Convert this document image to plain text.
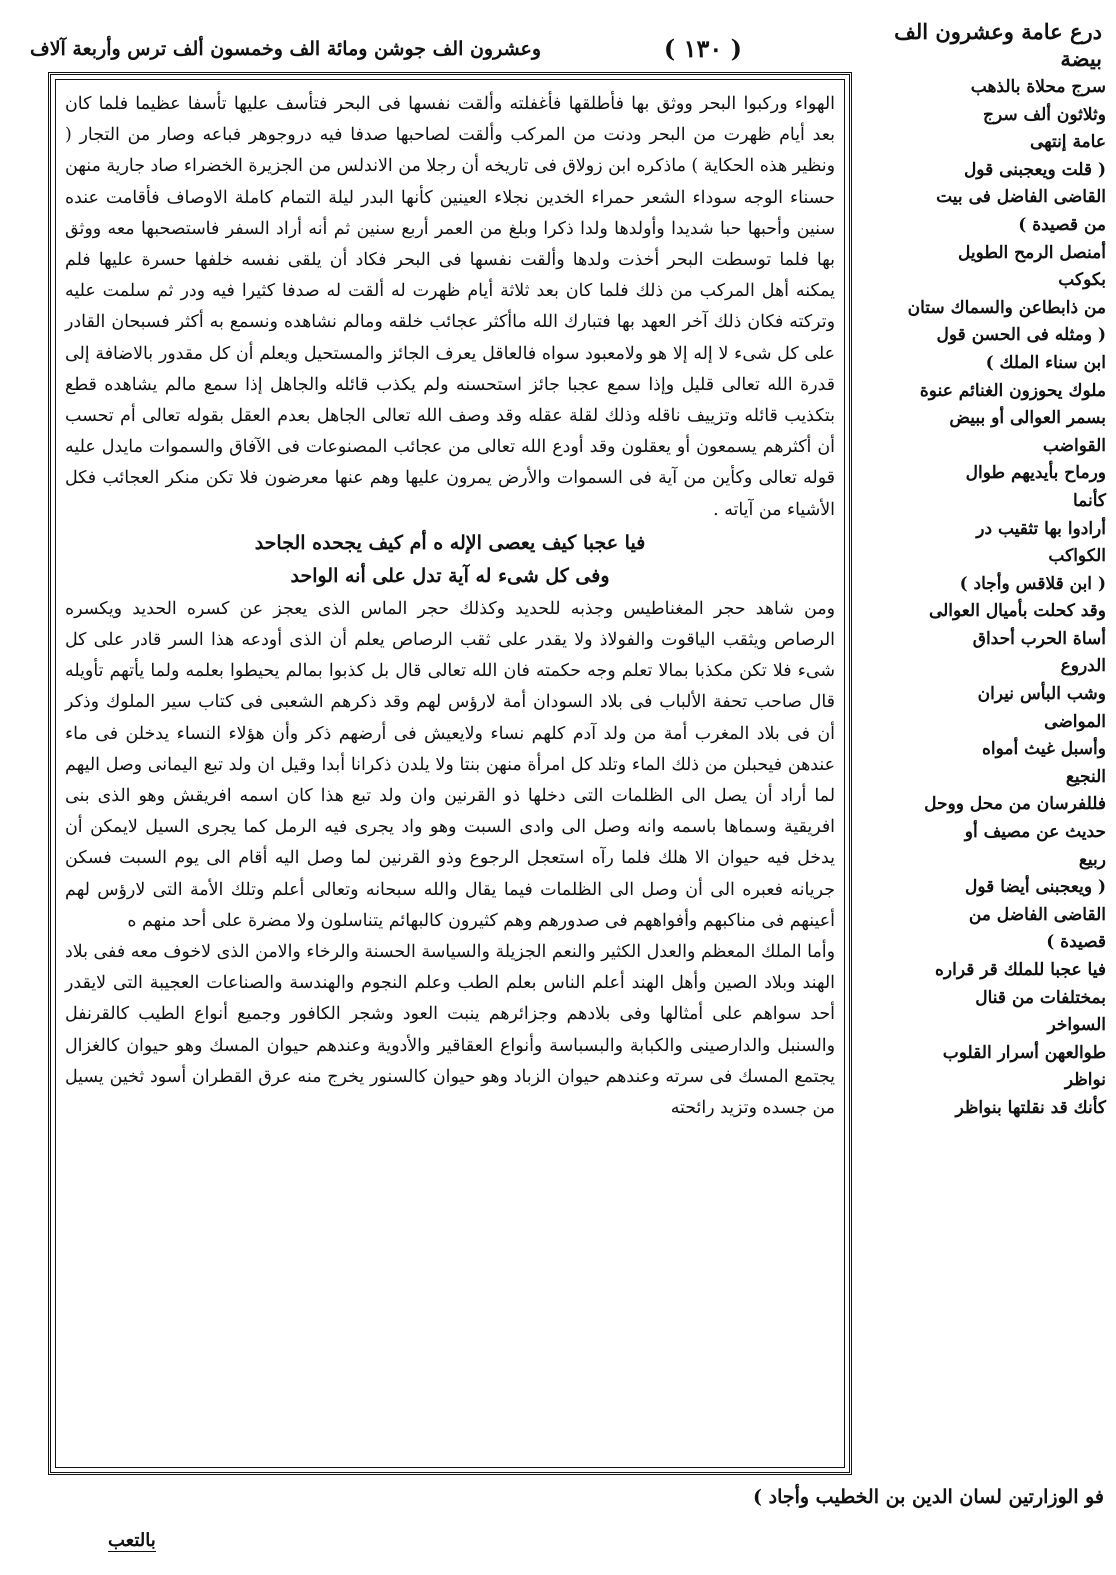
درع عامة وعشرون الف بيضة
( ١٣٠ )
وعشرون الف جوشن ومائة الف وخمسون ألف ترس وأربعة آلاف

الهواء وركبوا البحر ووثق بها فأطلقها فأغفلته وألقت نفسها فى البحر فتأسف عليها تأسفا عظيما فلما كان بعد أيام ظهرت من البحر ودنت من المركب وألقت لصاحبها صدفا فيه دروجوهر فباعه وصار من التجار ( ونظير هذه الحكاية ) ماذكره ابن زولاق فى تاريخه أن رجلا من الاندلس من الجزيرة الخضراء صاد جارية منهن حسناء الوجه سوداء الشعر حمراء الخدين نجلاء العينين كأنها البدر ليلة التمام كاملة الاوصاف فأقامت عنده سنين وأحبها حبا شديدا وأولدها ولدا ذكرا وبلغ من العمر أربع سنين ثم أنه أراد السفر فاستصحبها معه ووثق بها فلما توسطت البحر أخذت ولدها وألقت نفسها فى البحر فكاد أن يلقى نفسه خلفها حسرة عليها فلم يمكنه أهل المركب من ذلك فلما كان بعد ثلاثة أيام ظهرت له ألقت له صدفا كثيرا فيه ودر ثم سلمت عليه وتركته فكان ذلك آخر العهد بها فتبارك الله ماأكثر عجائب خلقه ومالم نشاهده ونسمع به أكثر فسبحان القادر على كل شىء لا إله إلا هو ولامعبود سواه فالعاقل يعرف الجائز والمستحيل ويعلم أن كل مقدور بالاضافة إلى قدرة الله تعالى قليل وإذا سمع عجبا جائز استحسنه ولم يكذب قائله والجاهل إذا سمع مالم يشاهده قطع بتكذيب قائله وتزييف ناقله وذلك لقلة عقله وقد وصف الله تعالى الجاهل بعدم العقل بقوله تعالى أم تحسب أن أكثرهم يسمعون أو يعقلون وقد أودع الله تعالى من عجائب المصنوعات فى الآفاق والسموات مايدل عليه قوله تعالى وكأين من آية فى السموات والأرض يمرون عليها وهم عنها معرضون فلا تكن منكر العجائب فكل الأشياء من آياته .

فيا عجبا كيف يعصى الإله ه أم كيف يجحده الجاحد
وفى كل شىء له آية تدل على أنه الواحد

ومن شاهد حجر المغناطيس وجذبه للحديد وكذلك حجر الماس الذى يعجز عن كسره الحديد ويكسره الرصاص ويثقب الياقوت والفولاذ ولا يقدر على ثقب الرصاص يعلم أن الذى أودعه هذا السر قادر على كل شىء فلا تكن مكذبا بمالا تعلم وجه حكمته فان الله تعالى قال بل كذبوا بمالم يحيطوا بعلمه ولما يأتهم تأويله قال صاحب تحفة الألباب فى بلاد السودان أمة لارؤس لهم وقد ذكرهم الشعبى فى كتاب سير الملوك وذكر أن فى بلاد المغرب أمة من ولد آدم كلهم نساء ولايعيش فى أرضهم ذكر وأن هؤلاء النساء يدخلن فى ماء عندهن فيحبلن من ذلك الماء وتلد كل امرأة منهن بنتا ولا يلدن ذكرانا أبدا وقيل ان ولد تبع اليمانى وصل اليهم لما أراد أن يصل الى الظلمات التى دخلها ذو القرنين وان ولد تبع هذا كان اسمه افريقش وهو الذى بنى افريقية وسماها باسمه وانه وصل الى وادى السبت وهو واد يجرى فيه الرمل كما يجرى السيل لايمكن أن يدخل فيه حيوان الا هلك فلما رآه استعجل الرجوع وذو القرنين لما وصل اليه أقام الى يوم السبت فسكن جريانه فعبره الى أن وصل الى الظلمات فيما يقال والله سبحانه وتعالى أعلم وتلك الأمة التى لارؤس لهم أعينهم فى مناكبهم وأفواههم فى صدورهم وهم كثيرون كالبهائم يتناسلون ولا مضرة على أحد منهم ه

وأما الملك المعظم والعدل الكثير والنعم الجزيلة والسياسة الحسنة والرخاء والامن الذى لاخوف معه ففى بلاد الهند وبلاد الصين وأهل الهند أعلم الناس بعلم الطب وعلم النجوم والهندسة والصناعات العجيبة التى لايقدر أحد سواهم على أمثالها وفى بلادهم وجزائرهم ينبت العود وشجر الكافور وجميع أنواع الطيب كالقرنفل والسنبل والدارصينى والكبابة والبسباسة وأنواع العقاقير والأدوية وعندهم حيوان المسك وهو حيوان كالغزال يجتمع المسك فى سرته وعندهم حيوان الزباد وهو حيوان كالسنور يخرج منه عرق القطران أسود ثخين يسيل من جسده وتزيد رائحته

سرج محلاة بالذهب

وثلاثون ألف سرج

عامة إنتهى

( قلت ويعجبنى قول

القاضى الفاضل فى بيت

من قصيدة )

أمنصل الرمح الطويل

بكوكب

من ذابطاعن والسماك ستان

( ومثله فى الحسن قول

ابن سناء الملك )

ملوك يحوزون الغنائم عنوة

بسمر العوالى أو ببيض

القواضب

ورماح بأيديهم طوال

كأنما

أرادوا بها تثقيب در

الكواكب

( ابن قلاقس وأجاد )

وقد كحلت بأميال العوالى

أساة الحرب أحداق

الدروع

وشب البأس نيران

المواضى

وأسبل غيث أمواه

النجيع

فللفرسان من محل ووحل

حديث عن مصيف أو

ربيع

( ويعجبنى أيضا قول

القاضى الفاضل من

قصيدة )

فيا عجبا للملك قر قراره

بمختلفات من قنال

السواخر

طوالعهن أسرار القلوب

نواظر

كأنك قد نقلتها بنواظر

فو الوزارتين لسان الدين بن الخطيب وأجاد )
بالتعب
